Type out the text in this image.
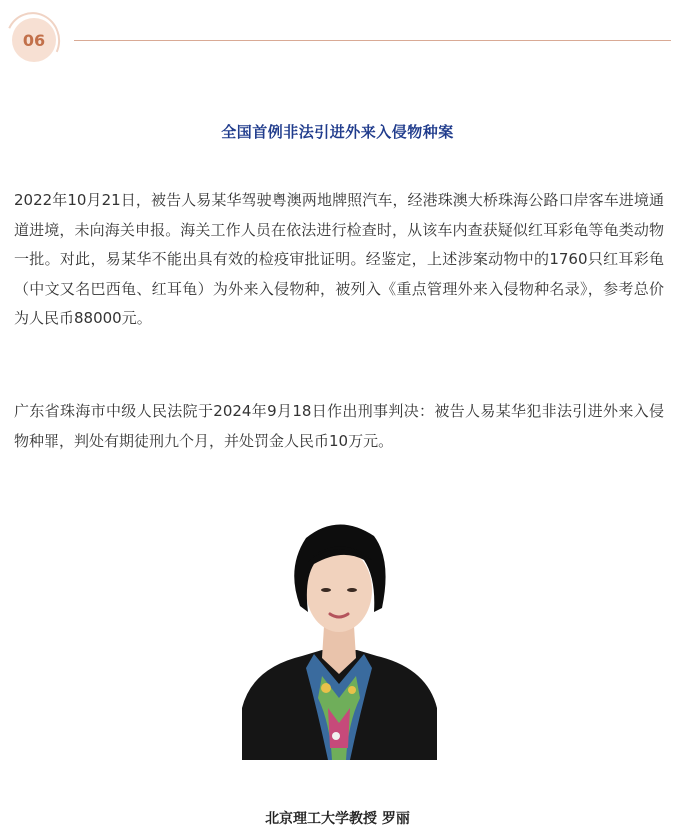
06
全国首例非法引进外来入侵物种案

2022年10月21日，被告人易某华驾驶粤澳两地牌照汽车，经港珠澳大桥珠海公路口岸客车进境通道进境，未向海关申报。海关工作人员在依法进行检查时，从该车内查获疑似红耳彩龟等龟类动物一批。对此，易某华不能出具有效的检疫审批证明。经鉴定，上述涉案动物中的1760只红耳彩龟（中文又名巴西龟、红耳龟）为外来入侵物种，被列入《重点管理外来入侵物种名录》，参考总价为人民币88000元。

广东省珠海市中级人民法院于2024年9月18日作出刑事判决：被告人易某华犯非法引进外来入侵物种罪，判处有期徒刑九个月，并处罚金人民币10万元。

北京理工大学教授 罗丽
